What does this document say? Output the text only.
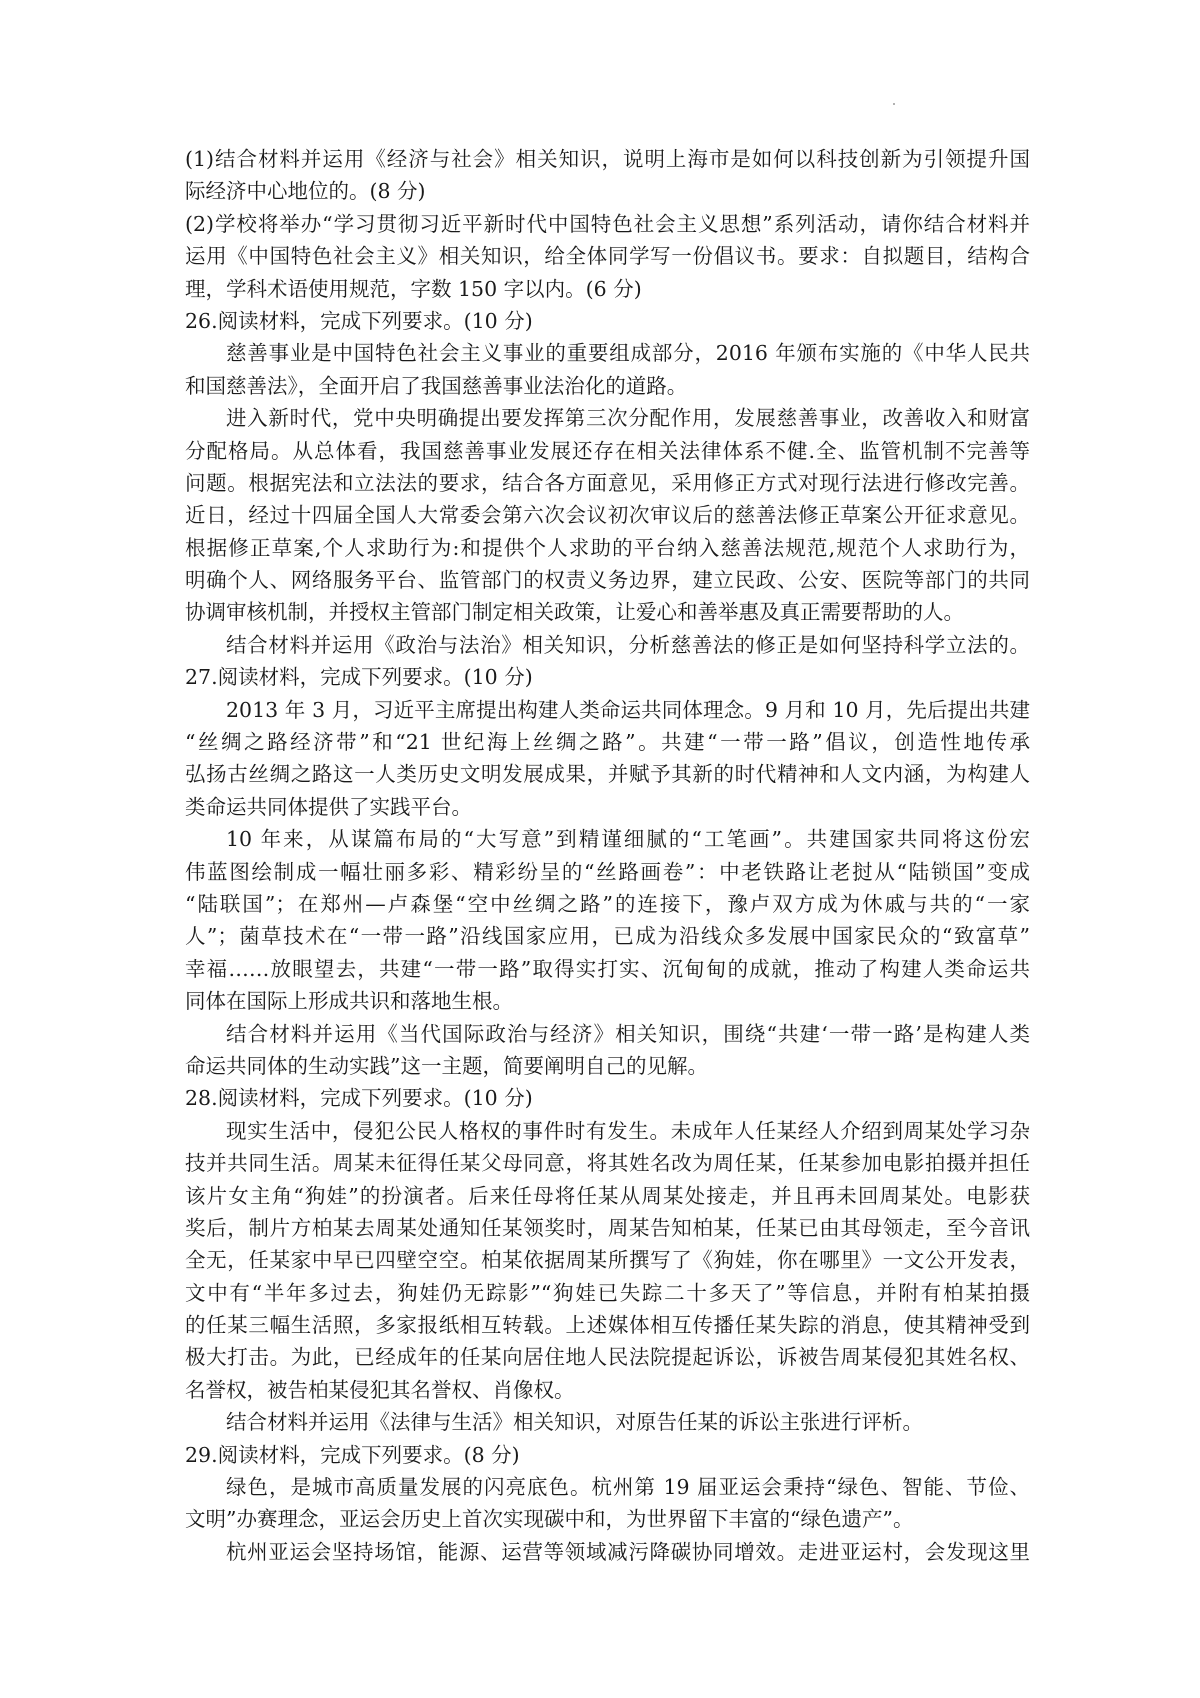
(1)结合材料并运用《经济与社会》相关知识，说明上海市是如何以科技创新为引领提升国
际经济中心地位的。(8 分)
(2)学校将举办“学习贯彻习近平新时代中国特色社会主义思想”系列活动，请你结合材料并
运用《中国特色社会主义》相关知识，给全体同学写一份倡议书。要求：自拟题目，结构合
理，学科术语使用规范，字数 150 字以内。(6 分)
26.阅读材料，完成下列要求。(10 分)
慈善事业是中国特色社会主义事业的重要组成部分，2016 年颁布实施的《中华人民共
和国慈善法》，全面开启了我国慈善事业法治化的道路。
进入新时代，党中央明确提出要发挥第三次分配作用，发展慈善事业，改善收入和财富
分配格局。从总体看，我国慈善事业发展还存在相关法律体系不健.全、监管机制不完善等
问题。根据宪法和立法法的要求，结合各方面意见，采用修正方式对现行法进行修改完善。
近日，经过十四届全国人大常委会第六次会议初次审议后的慈善法修正草案公开征求意见。
根据修正草案,个人求助行为:和提供个人求助的平台纳入慈善法规范,规范个人求助行为，
明确个人、网络服务平台、监管部门的权责义务边界，建立民政、公安、医院等部门的共同
协调审核机制，并授权主管部门制定相关政策，让爱心和善举惠及真正需要帮助的人。
结合材料并运用《政治与法治》相关知识，分析慈善法的修正是如何坚持科学立法的。
27.阅读材料，完成下列要求。(10 分)
2013 年 3 月，习近平主席提出构建人类命运共同体理念。9 月和 10 月，先后提出共建
“丝绸之路经济带”和“21 世纪海上丝绸之路”。共建“一带一路”倡议，创造性地传承
弘扬古丝绸之路这一人类历史文明发展成果，并赋予其新的时代精神和人文内涵，为构建人
类命运共同体提供了实践平台。
10 年来，从谋篇布局的“大写意”到精谨细腻的“工笔画”。共建国家共同将这份宏
伟蓝图绘制成一幅壮丽多彩、精彩纷呈的“丝路画卷”：中老铁路让老挝从“陆锁国”变成
“陆联国”；在郑州—卢森堡“空中丝绸之路”的连接下，豫卢双方成为休戚与共的“一家
人”；菌草技术在“一带一路”沿线国家应用，已成为沿线众多发展中国家民众的“致富草”
幸福……放眼望去，共建“一带一路”取得实打实、沉甸甸的成就，推动了构建人类命运共
同体在国际上形成共识和落地生根。
结合材料并运用《当代国际政治与经济》相关知识，围绕“共建‘一带一路’是构建人类
命运共同体的生动实践”这一主题，简要阐明自己的见解。
28.阅读材料，完成下列要求。(10 分)
现实生活中，侵犯公民人格权的事件时有发生。未成年人任某经人介绍到周某处学习杂
技并共同生活。周某未征得任某父母同意，将其姓名改为周任某，任某参加电影拍摄并担任
该片女主角“狗娃”的扮演者。后来任母将任某从周某处接走，并且再未回周某处。电影获
奖后，制片方柏某去周某处通知任某领奖时，周某告知柏某，任某已由其母领走，至今音讯
全无，任某家中早已四壁空空。柏某依据周某所撰写了《狗娃，你在哪里》一文公开发表，
文中有“半年多过去，狗娃仍无踪影”“狗娃已失踪二十多天了”等信息，并附有柏某拍摄
的任某三幅生活照，多家报纸相互转载。上述媒体相互传播任某失踪的消息，使其精神受到
极大打击。为此，已经成年的任某向居住地人民法院提起诉讼，诉被告周某侵犯其姓名权、
名誉权，被告柏某侵犯其名誉权、肖像权。
结合材料并运用《法律与生活》相关知识，对原告任某的诉讼主张进行评析。
29.阅读材料，完成下列要求。(8 分)
绿色，是城市高质量发展的闪亮底色。杭州第 19 届亚运会秉持“绿色、智能、节俭、
文明”办赛理念，亚运会历史上首次实现碳中和，为世界留下丰富的“绿色遗产”。
杭州亚运会坚持场馆，能源、运营等领域减污降碳协同增效。走进亚运村，会发现这里
